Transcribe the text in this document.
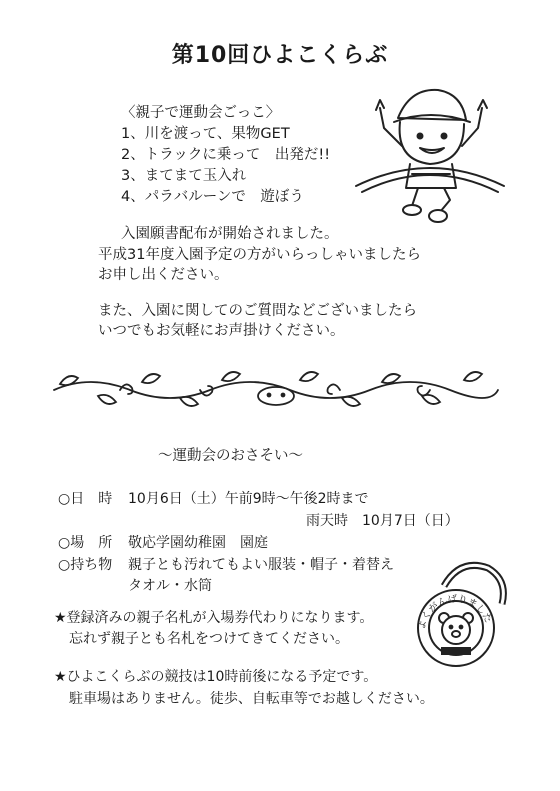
第10回ひよこくらぶ
〈親子で運動会ごっこ〉
1、川を渡って、果物GET
2、トラックに乗って　出発だ!!
3、まてまて玉入れ
4、パラバルーンで　遊ぼう
入園願書配布が開始されました。
平成31年度入園予定の方がいらっしゃいましたら
お申し出ください。
また、入園に関してのご質問などございましたら
いつでもお気軽にお声掛けください。
〜運動会のおさそい〜
○日　時 10月6日（土）午前9時〜午後2時まで
雨天時　10月7日（日）
○場　所 敬応学園幼稚園　園庭
○持ち物 親子とも汚れてもよい服装・帽子・着替え
タオル・水筒
よくがんばりました
★登録済みの親子名札が入場券代わりになります。
忘れず親子とも名札をつけてきてください。
★ひよこくらぶの競技は10時前後になる予定です。
駐車場はありません。徒歩、自転車等でお越しください。
